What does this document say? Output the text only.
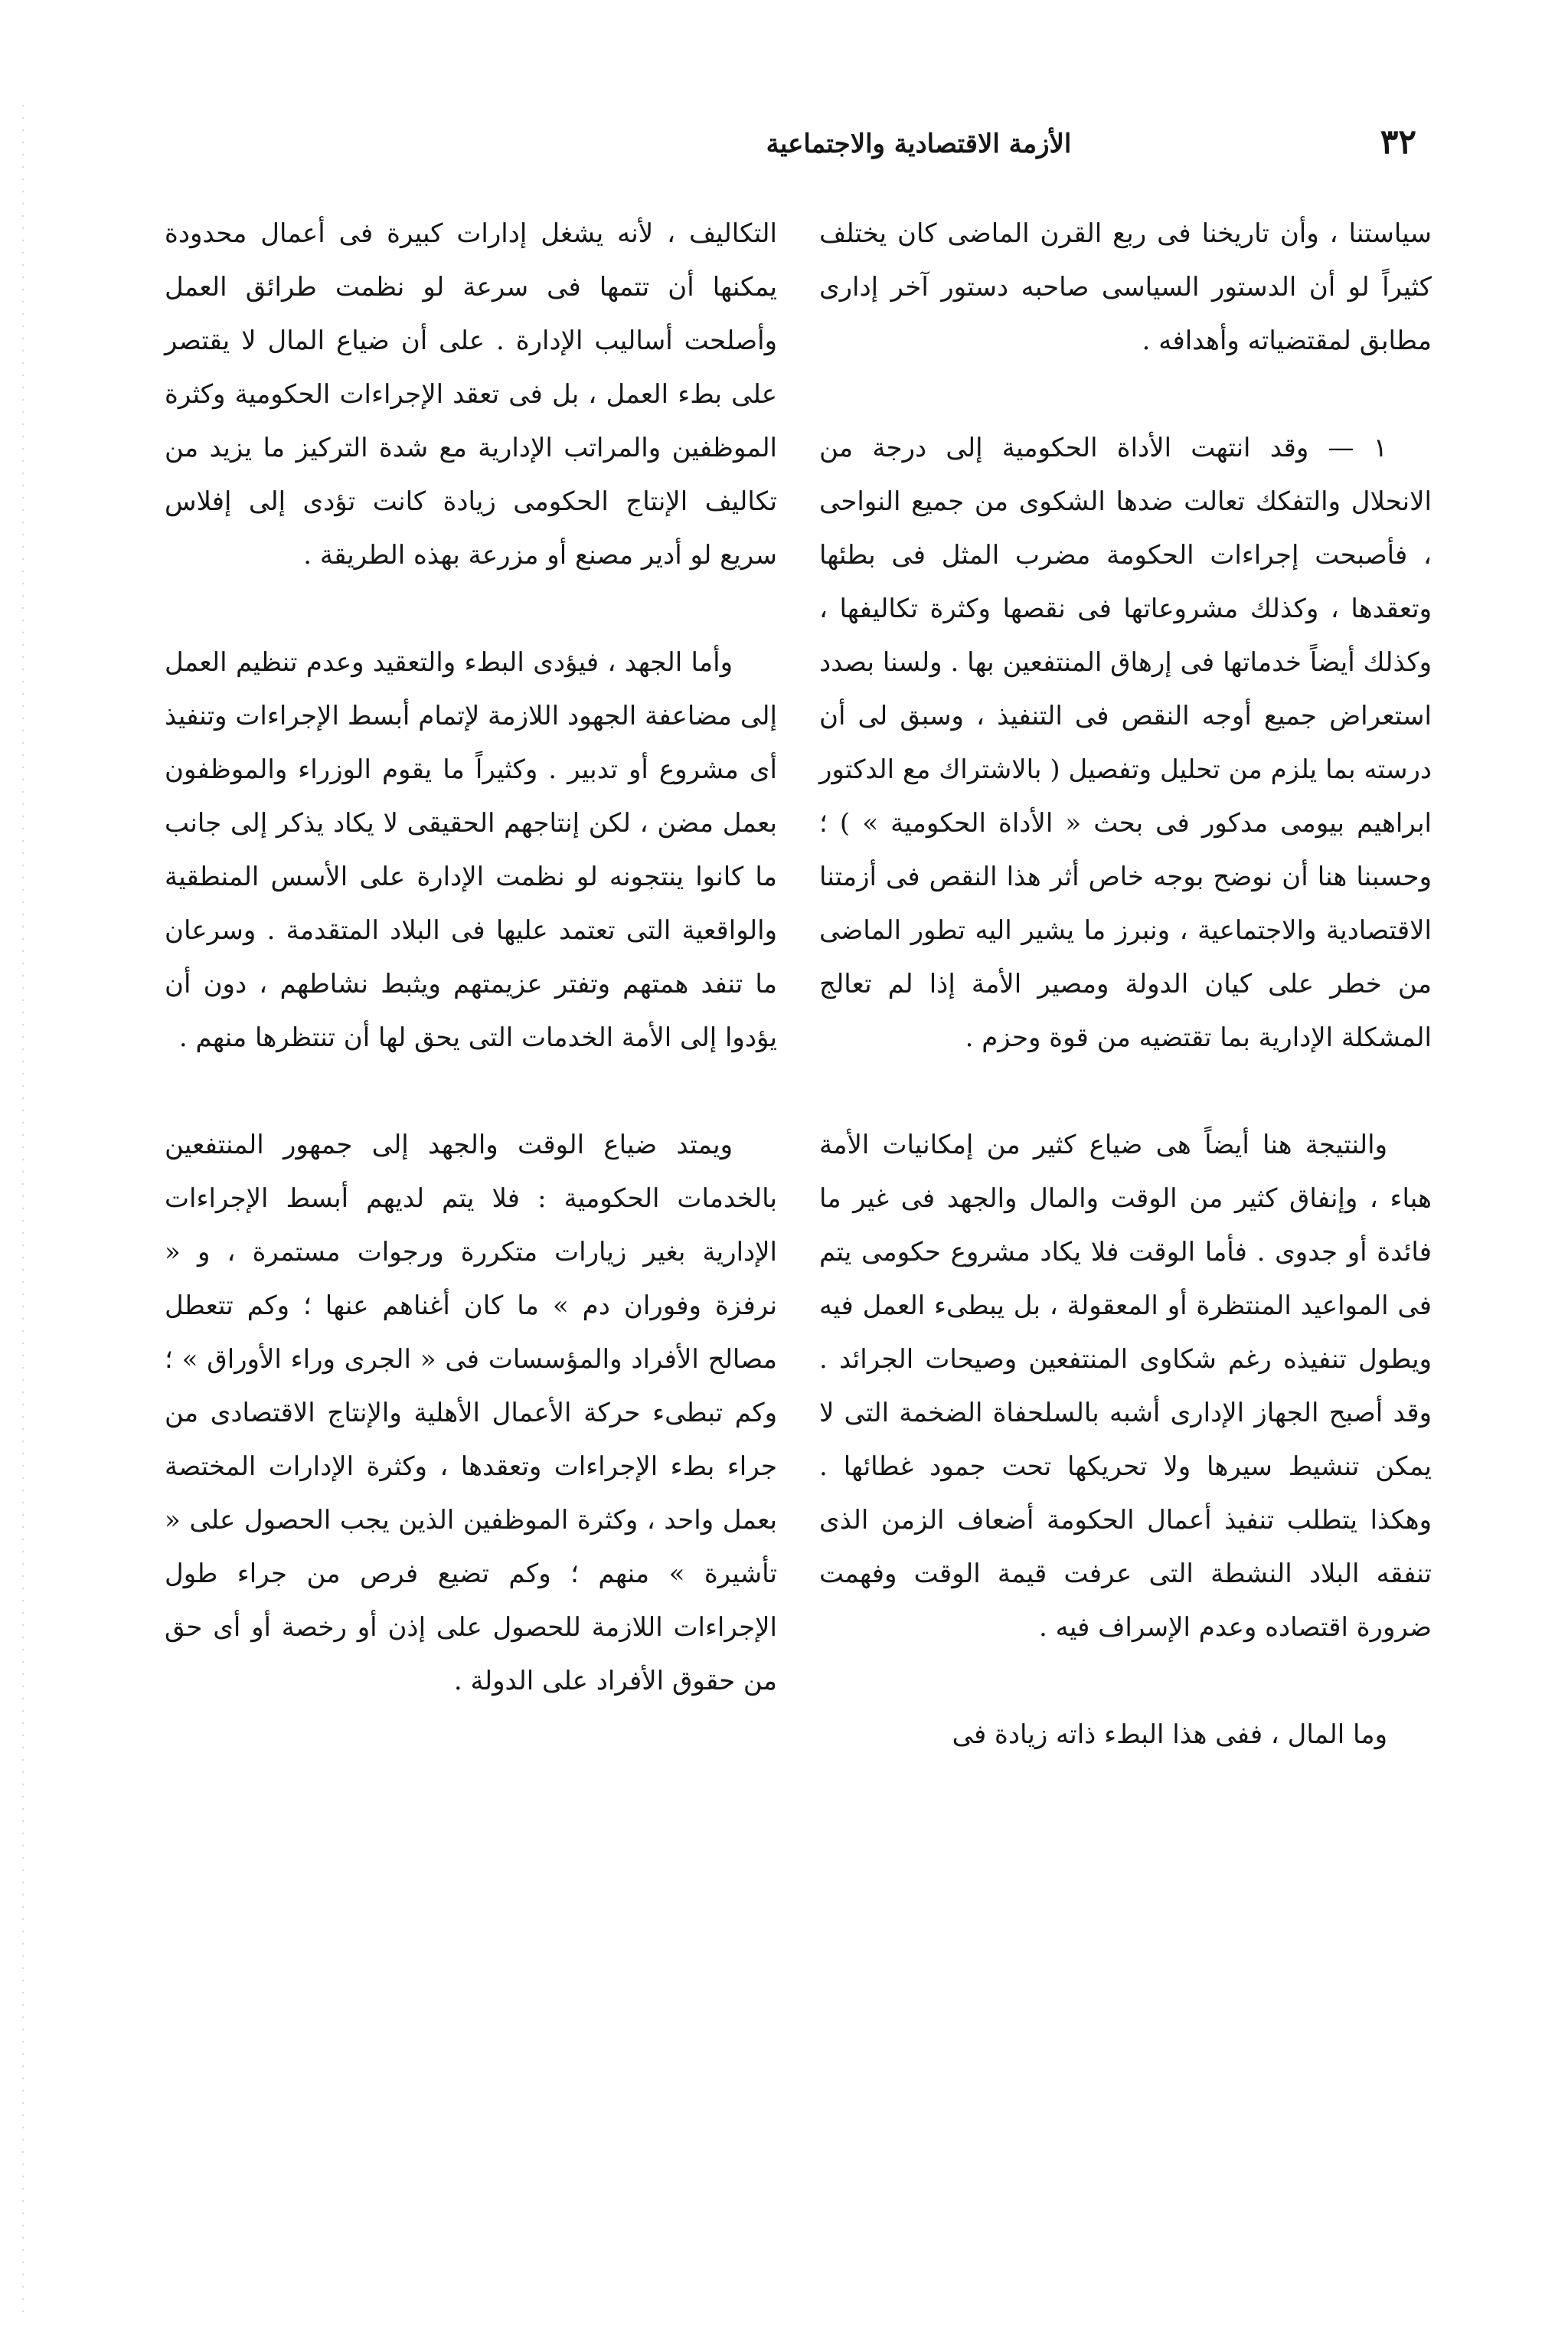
٣٢
الأزمة الاقتصادية والاجتماعية

سياستنا ، وأن تاريخنا فى ربع القرن الماضى كان يختلف كثيراً لو أن الدستور السياسى صاحبه دستور آخر إدارى مطابق لمقتضياته وأهدافه .

١ — وقد انتهت الأداة الحكومية إلى درجة من الانحلال والتفكك تعالت ضدها الشكوى من جميع النواحى ، فأصبحت إجراءات الحكومة مضرب المثل فى بطئها وتعقدها ، وكذلك مشروعاتها فى نقصها وكثرة تكاليفها ، وكذلك أيضاً خدماتها فى إرهاق المنتفعين بها . ولسنا بصدد استعراض جميع أوجه النقص فى التنفيذ ، وسبق لى أن درسته بما يلزم من تحليل وتفصيل ( بالاشتراك مع الدكتور ابراهيم بيومى مدكور فى بحث « الأداة الحكومية » ) ؛ وحسبنا هنا أن نوضح بوجه خاص أثر هذا النقص فى أزمتنا الاقتصادية والاجتماعية ، ونبرز ما يشير اليه تطور الماضى من خطر على كيان الدولة ومصير الأمة إذا لم تعالج المشكلة الإدارية بما تقتضيه من قوة وحزم .

والنتيجة هنا أيضاً هى ضياع كثير من إمكانيات الأمة هباء ، وإنفاق كثير من الوقت والمال والجهد فى غير ما فائدة أو جدوى . فأما الوقت فلا يكاد مشروع حكومى يتم فى المواعيد المنتظرة أو المعقولة ، بل يبطىء العمل فيه ويطول تنفيذه رغم شكاوى المنتفعين وصيحات الجرائد . وقد أصبح الجهاز الإدارى أشبه بالسلحفاة الضخمة التى لا يمكن تنشيط سيرها ولا تحريكها تحت جمود غطائها . وهكذا يتطلب تنفيذ أعمال الحكومة أضعاف الزمن الذى تنفقه البلاد النشطة التى عرفت قيمة الوقت وفهمت ضرورة اقتصاده وعدم الإسراف فيه .

وما المال ، ففى هذا البطء ذاته زيادة فى

التكاليف ، لأنه يشغل إدارات كبيرة فى أعمال محدودة يمكنها أن تتمها فى سرعة لو نظمت طرائق العمل وأصلحت أساليب الإدارة . على أن ضياع المال لا يقتصر على بطء العمل ، بل فى تعقد الإجراءات الحكومية وكثرة الموظفين والمراتب الإدارية مع شدة التركيز ما يزيد من تكاليف الإنتاج الحكومى زيادة كانت تؤدى إلى إفلاس سريع لو أدير مصنع أو مزرعة بهذه الطريقة .

وأما الجهد ، فيؤدى البطء والتعقيد وعدم تنظيم العمل إلى مضاعفة الجهود اللازمة لإتمام أبسط الإجراءات وتنفيذ أى مشروع أو تدبير . وكثيراً ما يقوم الوزراء والموظفون بعمل مضن ، لكن إنتاجهم الحقيقى لا يكاد يذكر إلى جانب ما كانوا ينتجونه لو نظمت الإدارة على الأسس المنطقية والواقعية التى تعتمد عليها فى البلاد المتقدمة . وسرعان ما تنفد همتهم وتفتر عزيمتهم ويثبط نشاطهم ، دون أن يؤدوا إلى الأمة الخدمات التى يحق لها أن تنتظرها منهم .

ويمتد ضياع الوقت والجهد إلى جمهور المنتفعين بالخدمات الحكومية : فلا يتم لديهم أبسط الإجراءات الإدارية بغير زيارات متكررة ورجوات مستمرة ، و « نرفزة وفوران دم » ما كان أغناهم عنها ؛ وكم تتعطل مصالح الأفراد والمؤسسات فى « الجرى وراء الأوراق » ؛ وكم تبطىء حركة الأعمال الأهلية والإنتاج الاقتصادى من جراء بطء الإجراءات وتعقدها ، وكثرة الإدارات المختصة بعمل واحد ، وكثرة الموظفين الذين يجب الحصول على « تأشيرة » منهم ؛ وكم تضيع فرص من جراء طول الإجراءات اللازمة للحصول على إذن أو رخصة أو أى حق من حقوق الأفراد على الدولة .
